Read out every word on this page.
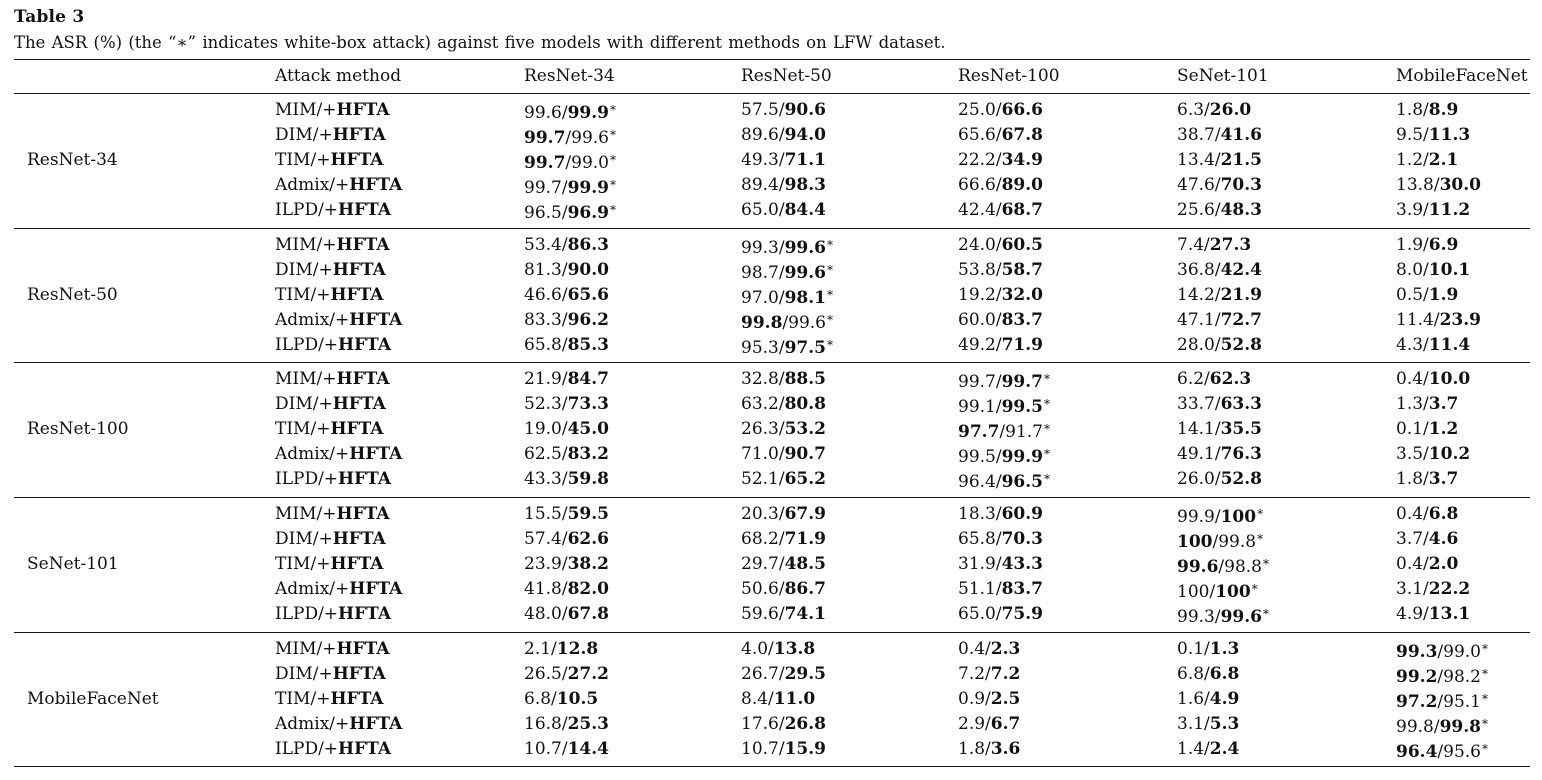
Table 3
The ASR (%) (the “∗” indicates white-box attack) against five models with different methods on LFW dataset.
Attack method	ResNet-34	ResNet-50	ResNet-100	SeNet-101	MobileFaceNet
ResNet-34
MIM/+HFTA	99.6/99.9*	57.5/90.6	25.0/66.6	6.3/26.0	1.8/8.9
DIM/+HFTA	99.7/99.6*	89.6/94.0	65.6/67.8	38.7/41.6	9.5/11.3
TIM/+HFTA	99.7/99.0*	49.3/71.1	22.2/34.9	13.4/21.5	1.2/2.1
Admix/+HFTA	99.7/99.9*	89.4/98.3	66.6/89.0	47.6/70.3	13.8/30.0
ILPD/+HFTA	96.5/96.9*	65.0/84.4	42.4/68.7	25.6/48.3	3.9/11.2
ResNet-50
MIM/+HFTA	53.4/86.3	99.3/99.6*	24.0/60.5	7.4/27.3	1.9/6.9
DIM/+HFTA	81.3/90.0	98.7/99.6*	53.8/58.7	36.8/42.4	8.0/10.1
TIM/+HFTA	46.6/65.6	97.0/98.1*	19.2/32.0	14.2/21.9	0.5/1.9
Admix/+HFTA	83.3/96.2	99.8/99.6*	60.0/83.7	47.1/72.7	11.4/23.9
ILPD/+HFTA	65.8/85.3	95.3/97.5*	49.2/71.9	28.0/52.8	4.3/11.4
ResNet-100
MIM/+HFTA	21.9/84.7	32.8/88.5	99.7/99.7*	6.2/62.3	0.4/10.0
DIM/+HFTA	52.3/73.3	63.2/80.8	99.1/99.5*	33.7/63.3	1.3/3.7
TIM/+HFTA	19.0/45.0	26.3/53.2	97.7/91.7*	14.1/35.5	0.1/1.2
Admix/+HFTA	62.5/83.2	71.0/90.7	99.5/99.9*	49.1/76.3	3.5/10.2
ILPD/+HFTA	43.3/59.8	52.1/65.2	96.4/96.5*	26.0/52.8	1.8/3.7
SeNet-101
MIM/+HFTA	15.5/59.5	20.3/67.9	18.3/60.9	99.9/100*	0.4/6.8
DIM/+HFTA	57.4/62.6	68.2/71.9	65.8/70.3	100/99.8*	3.7/4.6
TIM/+HFTA	23.9/38.2	29.7/48.5	31.9/43.3	99.6/98.8*	0.4/2.0
Admix/+HFTA	41.8/82.0	50.6/86.7	51.1/83.7	100/100*	3.1/22.2
ILPD/+HFTA	48.0/67.8	59.6/74.1	65.0/75.9	99.3/99.6*	4.9/13.1
MobileFaceNet
MIM/+HFTA	2.1/12.8	4.0/13.8	0.4/2.3	0.1/1.3	99.3/99.0*
DIM/+HFTA	26.5/27.2	26.7/29.5	7.2/7.2	6.8/6.8	99.2/98.2*
TIM/+HFTA	6.8/10.5	8.4/11.0	0.9/2.5	1.6/4.9	97.2/95.1*
Admix/+HFTA	16.8/25.3	17.6/26.8	2.9/6.7	3.1/5.3	99.8/99.8*
ILPD/+HFTA	10.7/14.4	10.7/15.9	1.8/3.6	1.4/2.4	96.4/95.6*
